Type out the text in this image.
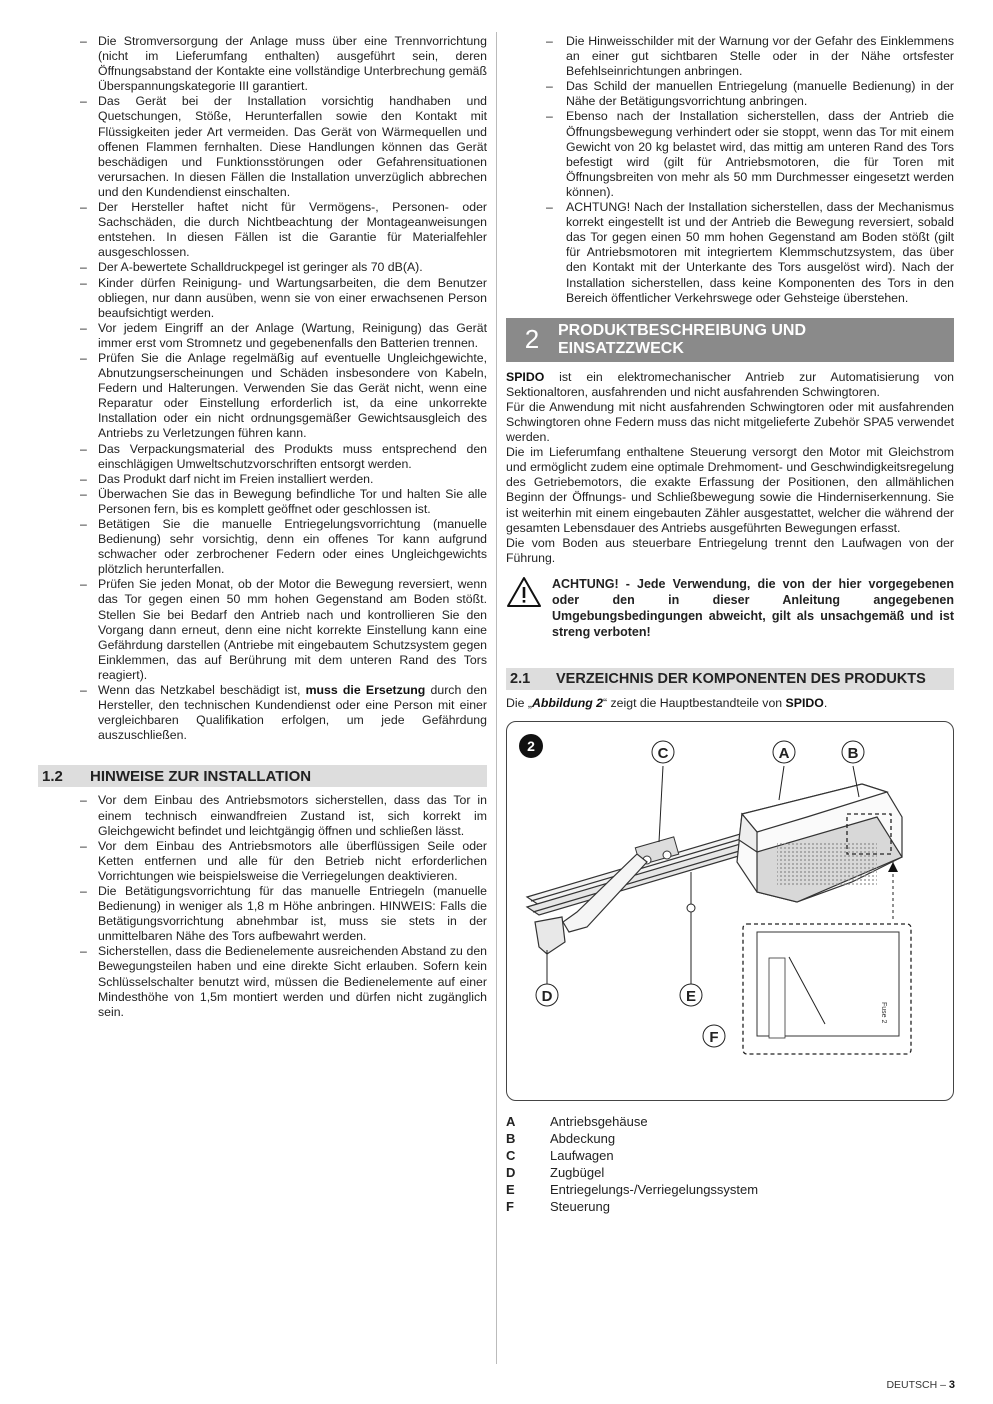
– Die Stromversorgung der Anlage muss über eine Trennvorrichtung (nicht im Lieferumfang enthalten) ausgeführt sein, deren Öffnungsabstand der Kontakte eine vollständige Unterbrechung gemäß Überspannungskategorie III garantiert.
– Das Gerät bei der Installation vorsichtig handhaben und Quetschungen, Stöße, Herunterfallen sowie den Kontakt mit Flüssigkeiten jeder Art vermeiden. Das Gerät von Wärmequellen und offenen Flammen fernhalten. Diese Handlungen können das Gerät beschädigen und Funktionsstörungen oder Gefahrensituationen verursachen. In diesen Fällen die Installation unverzüglich abbrechen und den Kundendienst einschalten.
– Der Hersteller haftet nicht für Vermögens-, Personen- oder Sachschäden, die durch Nichtbeachtung der Montageanweisungen entstehen. In diesen Fällen ist die Garantie für Materialfehler ausgeschlossen.
– Der A-bewertete Schalldruckpegel ist geringer als 70 dB(A).
– Kinder dürfen Reinigung- und Wartungsarbeiten, die dem Benutzer obliegen, nur dann ausüben, wenn sie von einer erwachsenen Person beaufsichtigt werden.
– Vor jedem Eingriff an der Anlage (Wartung, Reinigung) das Gerät immer erst vom Stromnetz und gegebenenfalls den Batterien trennen.
– Prüfen Sie die Anlage regelmäßig auf eventuelle Ungleichgewichte, Abnutzungserscheinungen und Schäden insbesondere von Kabeln, Federn und Halterungen. Verwenden Sie das Gerät nicht, wenn eine Reparatur oder Einstellung erforderlich ist, da eine unkorrekte Installation oder ein nicht ordnungsgemäßer Gewichtsausgleich des Antriebs zu Verletzungen führen kann.
– Das Verpackungsmaterial des Produkts muss entsprechend den einschlägigen Umweltschutzvorschriften entsorgt werden.
– Das Produkt darf nicht im Freien installiert werden.
– Überwachen Sie das in Bewegung befindliche Tor und halten Sie alle Personen fern, bis es komplett geöffnet oder geschlossen ist.
– Betätigen Sie die manuelle Entriegelungsvorrichtung (manuelle Bedienung) sehr vorsichtig, denn ein offenes Tor kann aufgrund schwacher oder zerbrochener Federn oder eines Ungleichgewichts plötzlich herunterfallen.
– Prüfen Sie jeden Monat, ob der Motor die Bewegung reversiert, wenn das Tor gegen einen 50 mm hohen Gegenstand am Boden stößt. Stellen Sie bei Bedarf den Antrieb nach und kontrollieren Sie den Vorgang dann erneut, denn eine nicht korrekte Einstellung kann eine Gefährdung darstellen (Antriebe mit eingebautem Schutzsystem gegen Einklemmen, das auf Berührung mit dem unteren Rand des Tors reagiert).
– Wenn das Netzkabel beschädigt ist, muss die Ersetzung durch den Hersteller, den technischen Kundendienst oder eine Person mit einer vergleichbaren Qualifikation erfolgen, um jede Gefährdung auszuschließen.
1.2	HINWEISE ZUR INSTALLATION
– Vor dem Einbau des Antriebsmotors sicherstellen, dass das Tor in einem technisch einwandfreien Zustand ist, sich korrekt im Gleichgewicht befindet und leichtgängig öffnen und schließen lässt.
– Vor dem Einbau des Antriebsmotors alle überflüssigen Seile oder Ketten entfernen und alle für den Betrieb nicht erforderlichen Vorrichtungen wie beispielsweise die Verriegelungen deaktivieren.
– Die Betätigungsvorrichtung für das manuelle Entriegeln (manuelle Bedienung) in weniger als 1,8 m Höhe anbringen. HINWEIS: Falls die Betätigungsvorrichtung abnehmbar ist, muss sie stets in der unmittelbaren Nähe des Tors aufbewahrt werden.
– Sicherstellen, dass die Bedienelemente ausreichenden Abstand zu den Bewegungsteilen haben und eine direkte Sicht erlauben. Sofern kein Schlüsselschalter benutzt wird, müssen die Bedienelemente auf einer Mindesthöhe von 1,5m montiert werden und dürfen nicht zugänglich sein.
– Die Hinweisschilder mit der Warnung vor der Gefahr des Einklemmens an einer gut sichtbaren Stelle oder in der Nähe ortsfester Befehlseinrichtungen anbringen.
– Das Schild der manuellen Entriegelung (manuelle Bedienung) in der Nähe der Betätigungsvorrichtung anbringen.
– Ebenso nach der Installation sicherstellen, dass der Antrieb die Öffnungsbewegung verhindert oder sie stoppt, wenn das Tor mit einem Gewicht von 20 kg belastet wird, das mittig am unteren Rand des Tors befestigt wird (gilt für Antriebsmotoren, die für Toren mit Öffnungsbreiten von mehr als 50 mm Durchmesser eingesetzt werden können).
– ACHTUNG! Nach der Installation sicherstellen, dass der Mechanismus korrekt eingestellt ist und der Antrieb die Bewegung reversiert, sobald das Tor gegen einen 50 mm hohen Gegenstand am Boden stößt (gilt für Antriebsmotoren mit integriertem Klemmschutzsystem, das über den Kontakt mit der Unterkante des Tors ausgelöst wird). Nach der Installation sicherstellen, dass keine Komponenten des Tors in den Bereich öffentlicher Verkehrswege oder Gehsteige überstehen.
2	PRODUKTBESCHREIBUNG UND
EINSATZZWECK

SPIDO ist ein elektromechanischer Antrieb zur Automatisierung von Sektionaltoren, ausfahrenden und nicht ausfahrenden Schwingtoren.

Für die Anwendung mit nicht ausfahrenden Schwingtoren oder mit ausfahrenden Schwingtoren ohne Federn muss das nicht mitgelieferte Zubehör SPA5 verwendet werden.

Die im Lieferumfang enthaltene Steuerung versorgt den Motor mit Gleichstrom und ermöglicht zudem eine optimale Drehmoment- und Geschwindigkeitsregelung des Getriebemotors, die exakte Erfassung der Positionen, den allmählichen Beginn der Öffnungs- und Schließbewegung sowie die Hinderniserkennung. Sie ist weiterhin mit einem eingebauten Zähler ausgestattet, welcher die während der gesamten Lebensdauer des Antriebs ausgeführten Bewegungen erfasst.

Die vom Boden aus steuerbare Entriegelung trennt den Laufwagen von der Führung.

ACHTUNG! - Jede Verwendung, die von der hier vorgegebenen oder den in dieser Anleitung angegebenen Umgebungsbedingungen abweicht, gilt als unsachgemäß und ist streng verboten!
2.1	VERZEICHNIS DER KOMPONENTEN DES PRODUKTS

Die „Abbildung 2“ zeigt die Hauptbestandteile von SPIDO.

2
Fuse 2
C	A	B
D	E
F
A	Antriebsgehäuse
B	Abdeckung
C	Laufwagen
D	Zugbügel
E	Entriegelungs-/Verriegelungssystem
F	Steuerung
DEUTSCH – 3
